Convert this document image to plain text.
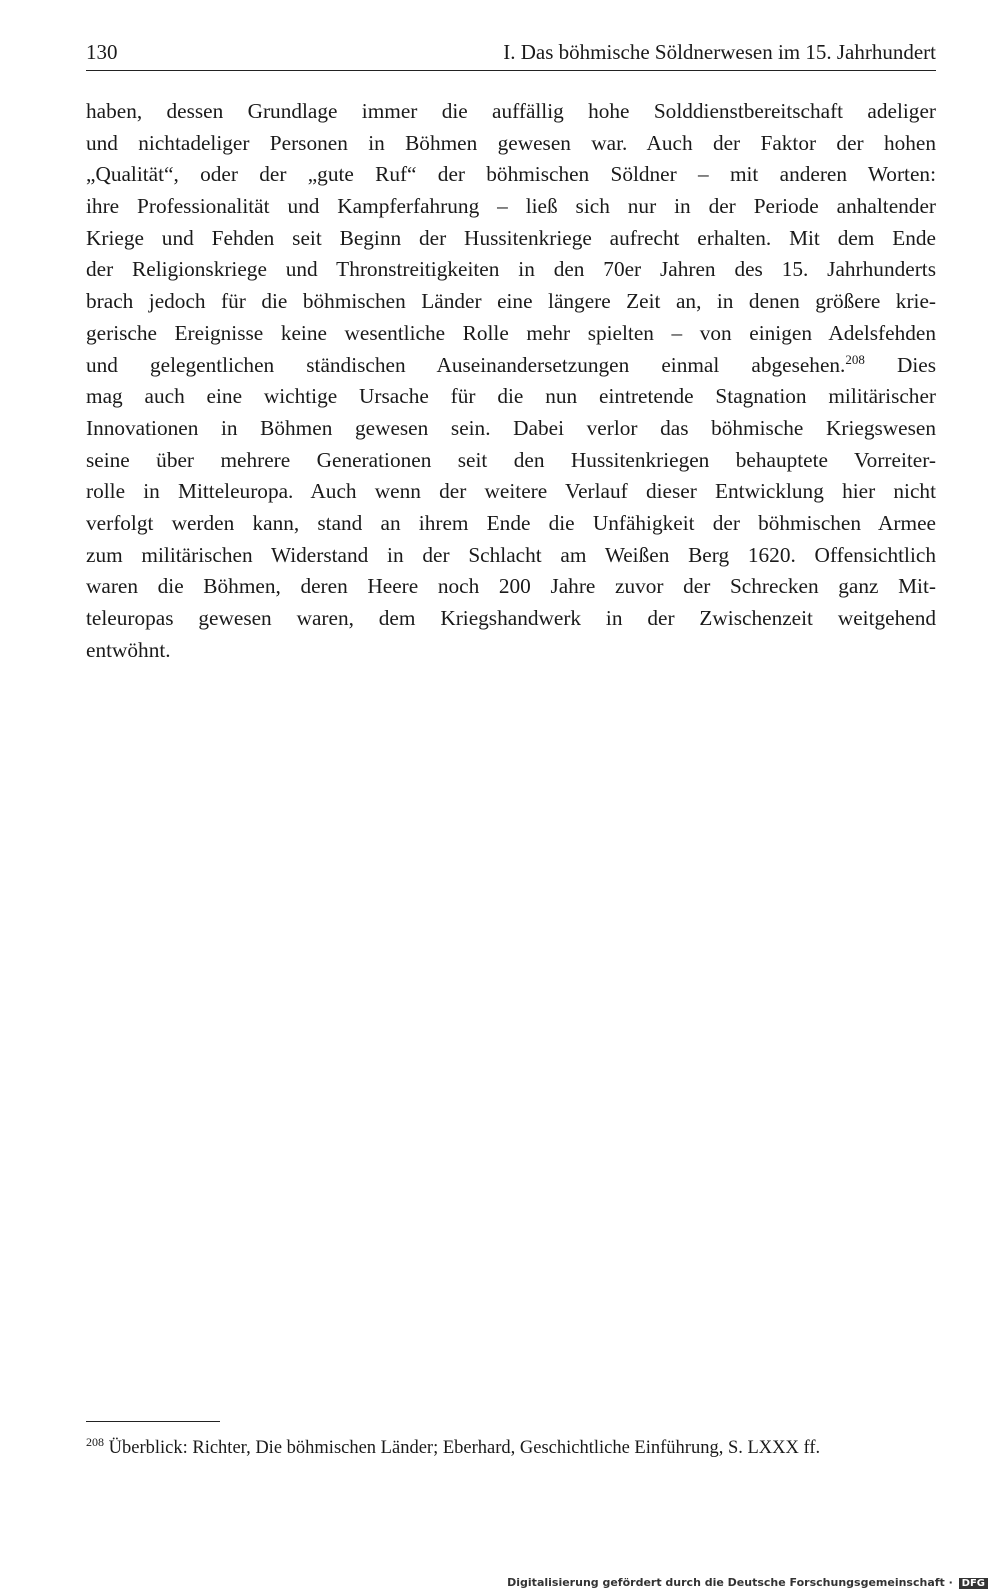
130	I. Das böhmische Söldnerwesen im 15. Jahrhundert
haben, dessen Grundlage immer die auffällig hohe Solddienstbereitschaft adeliger
und nichtadeliger Personen in Böhmen gewesen war. Auch der Faktor der hohen
„Qualität“, oder der „gute Ruf“ der böhmischen Söldner – mit anderen Worten:
ihre Professionalität und Kampferfahrung – ließ sich nur in der Periode anhaltender
Kriege und Fehden seit Beginn der Hussitenkriege aufrecht erhalten. Mit dem Ende
der Religionskriege und Thronstreitigkeiten in den 70er Jahren des 15. Jahrhunderts
brach jedoch für die böhmischen Länder eine längere Zeit an, in denen größere krie-
gerische Ereignisse keine wesentliche Rolle mehr spielten – von einigen Adelsfehden
und gelegentlichen ständischen Auseinandersetzungen einmal abgesehen.$^{208}$ Dies
mag auch eine wichtige Ursache für die nun eintretende Stagnation militärischer
Innovationen in Böhmen gewesen sein. Dabei verlor das böhmische Kriegswesen
seine über mehrere Generationen seit den Hussitenkriegen behauptete Vorreiter-
rolle in Mitteleuropa. Auch wenn der weitere Verlauf dieser Entwicklung hier nicht
verfolgt werden kann, stand an ihrem Ende die Unfähigkeit der böhmischen Armee
zum militärischen Widerstand in der Schlacht am Weißen Berg 1620. Offensichtlich
waren die Böhmen, deren Heere noch 200 Jahre zuvor der Schrecken ganz Mit-
teleuropas gewesen waren, dem Kriegshandwerk in der Zwischenzeit weitgehend
entwöhnt.
$^{208}$ Überblick: Richter, Die böhmischen Länder; Eberhard, Geschichtliche Einführung, S. LXXX ff.
Digitalisierung gefördert durch die Deutsche Forschungsgemeinschaft · DFG
